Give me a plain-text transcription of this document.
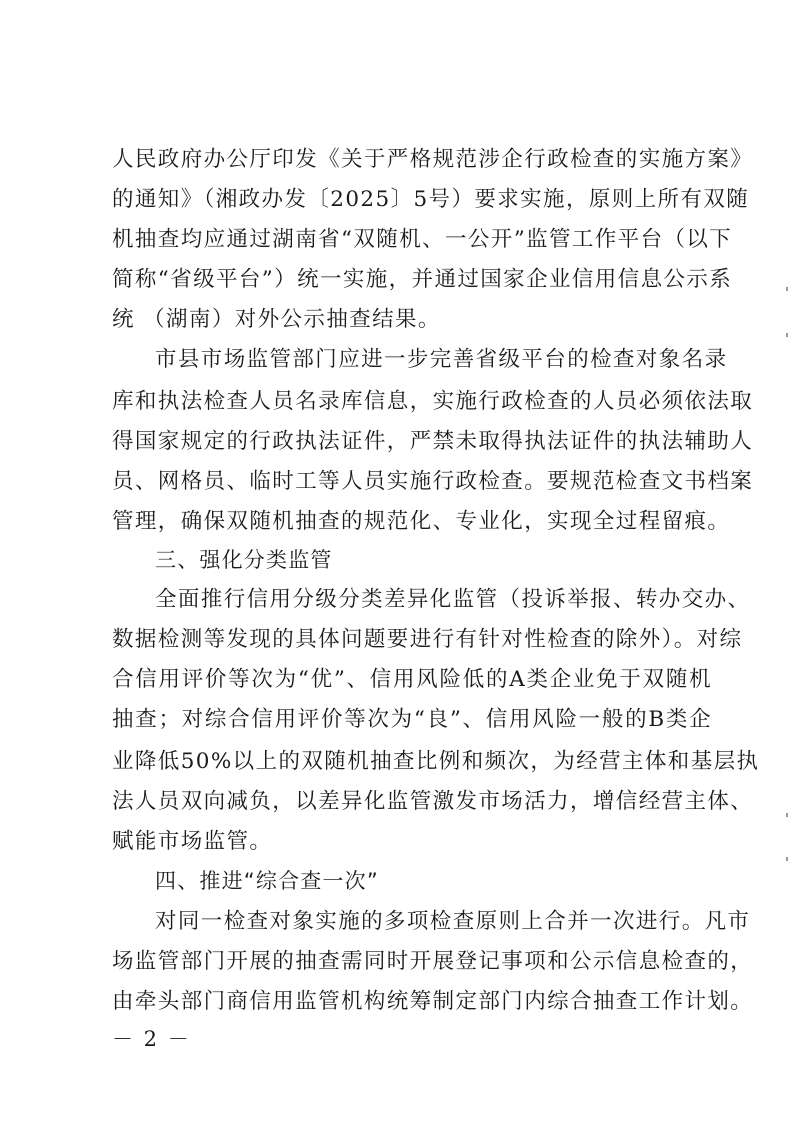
人民政府办公厅印发《关于严格规范涉企行政检查的实施方案》
的通知》（湘政办发〔2025〕5号）要求实施，原则上所有双随
机抽查均应通过湖南省“双随机、一公开”监管工作平台（以下
简称“省级平台”）统一实施，并通过国家企业信用信息公示系
统 （湖南）对外公示抽查结果。
市县市场监管部门应进一步完善省级平台的检查对象名录
库和执法检查人员名录库信息，实施行政检查的人员必须依法取
得国家规定的行政执法证件，严禁未取得执法证件的执法辅助人
员、网格员、临时工等人员实施行政检查。要规范检查文书档案
管理，确保双随机抽查的规范化、专业化，实现全过程留痕。
三、强化分类监管
全面推行信用分级分类差异化监管（投诉举报、转办交办、
数据检测等发现的具体问题要进行有针对性检查的除外）。对综
合信用评价等次为“优”、信用风险低的A类企业免于双随机
抽查；对综合信用评价等次为“良”、信用风险一般的B类企
业降低50%以上的双随机抽查比例和频次，为经营主体和基层执
法人员双向减负，以差异化监管激发市场活力，增信经营主体、
赋能市场监管。
四、推进“综合查一次”
对同一检查对象实施的多项检查原则上合并一次进行。凡市
场监管部门开展的抽查需同时开展登记事项和公示信息检查的，
由牵头部门商信用监管机构统筹制定部门内综合抽查工作计划。
－ 2 －
